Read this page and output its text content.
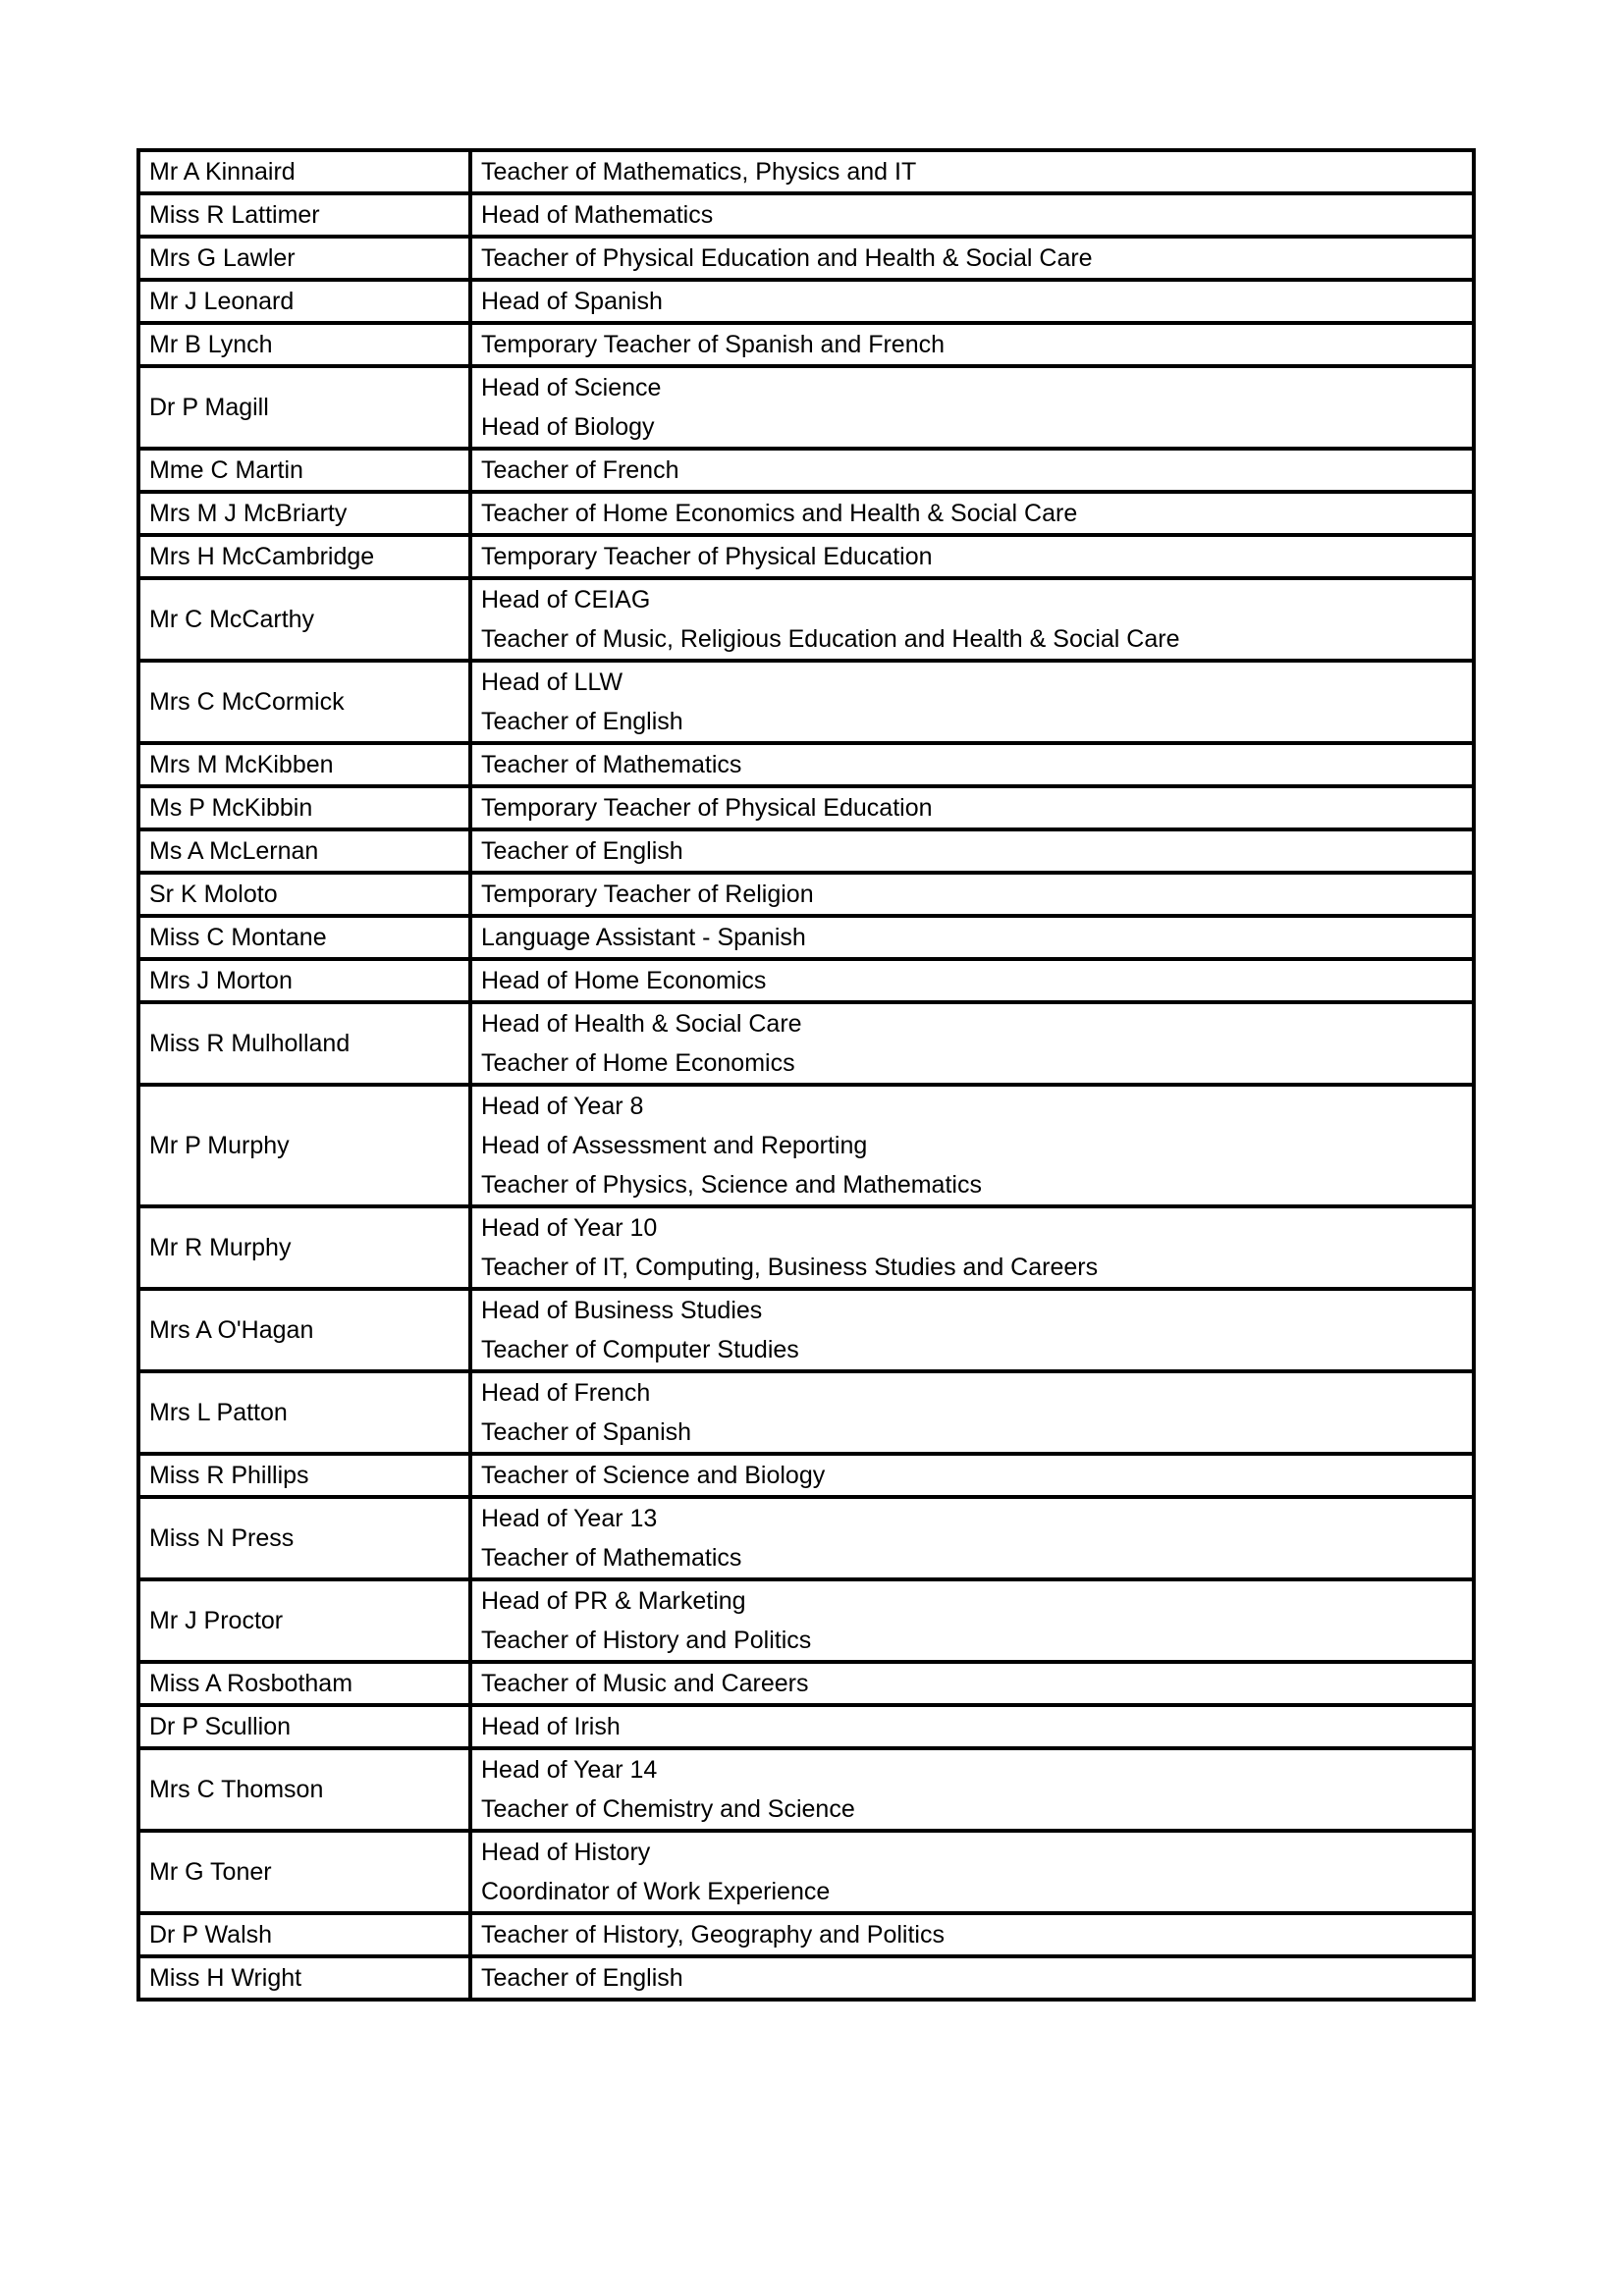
Mr A Kinnaird	Teacher of Mathematics, Physics and IT

Miss R Lattimer	Head of Mathematics

Mrs G Lawler	Teacher of Physical Education and Health & Social Care

Mr J Leonard	Head of Spanish

Mr B Lynch	Temporary Teacher of Spanish and French

Dr P Magill	Head of Science
Head of Biology

Mme C Martin	Teacher of French

Mrs M J McBriarty	Teacher of Home Economics and Health & Social Care

Mrs H McCambridge	Temporary Teacher of Physical Education

Mr C McCarthy	Head of CEIAG
Teacher of Music, Religious Education and Health & Social Care

Mrs C McCormick	Head of LLW
Teacher of English

Mrs M McKibben	Teacher of Mathematics

Ms P McKibbin	Temporary Teacher of Physical Education

Ms A McLernan	Teacher of English

Sr K Moloto	Temporary Teacher of Religion

Miss C Montane	Language Assistant - Spanish

Mrs J Morton	Head of Home Economics

Miss R Mulholland	Head of Health & Social Care
Teacher of Home Economics

Mr P Murphy	Head of Year 8
Head of Assessment and Reporting
Teacher of Physics, Science and Mathematics

Mr R Murphy	Head of Year 10
Teacher of IT, Computing, Business Studies and Careers

Mrs A O'Hagan	Head of Business Studies
Teacher of Computer Studies

Mrs L Patton	Head of French
Teacher of Spanish

Miss R Phillips	Teacher of Science and Biology

Miss N Press	Head of Year 13
Teacher of Mathematics

Mr J Proctor	Head of PR & Marketing
Teacher of History and Politics

Miss A Rosbotham	Teacher of Music and Careers

Dr P Scullion	Head of Irish

Mrs C Thomson	Head of Year 14
Teacher of Chemistry and Science

Mr G Toner	Head of History
Coordinator of Work Experience

Dr P Walsh	Teacher of History, Geography and Politics

Miss H Wright	Teacher of English
